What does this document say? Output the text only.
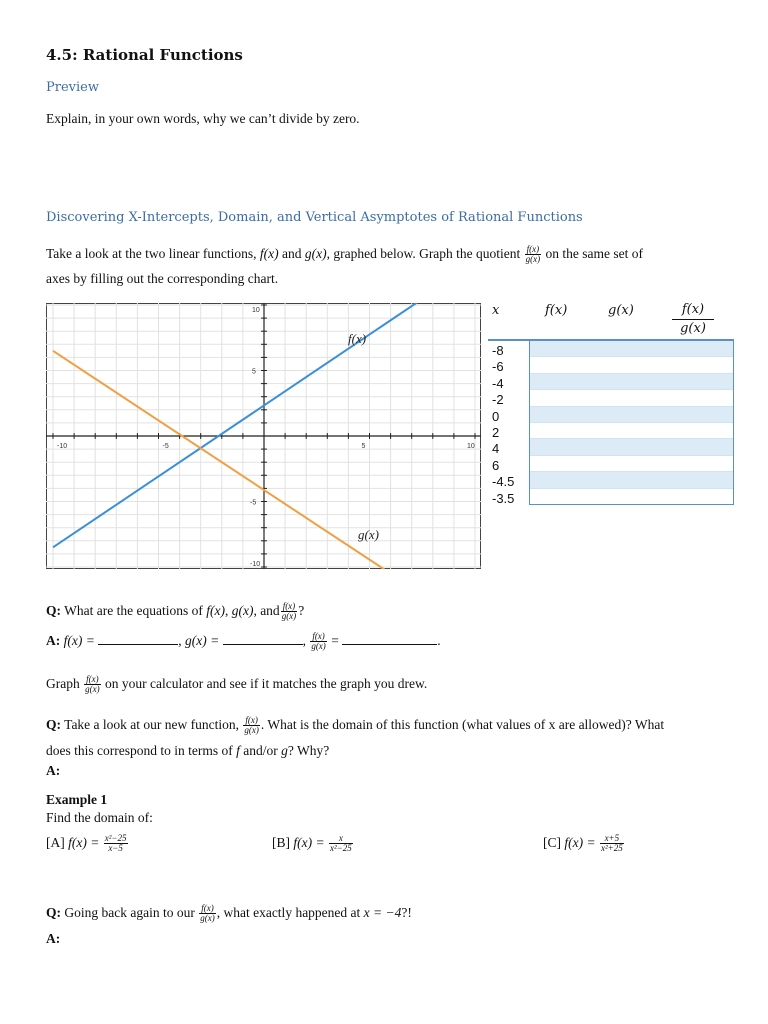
4.5: Rational Functions
Preview
Explain, in your own words, why we can’t divide by zero.
Discovering X-Intercepts, Domain, and Vertical Asymptotes of Rational Functions
Take a look at the two linear functions, f(x) and g(x), graphed below. Graph the quotient $\frac{f(x)}{g(x)}$ on the same set of
axes by filling out the corresponding chart.
-10	-5	5	10
10
5
-5
-10
f(x)
g(x)
x	f(x)	g(x)	f(x)
g(x)
-8
-6
-4
-2
0
2
4
6
-4.5
-3.5
Q: What are the equations of f(x), g(x), and $\frac{f(x)}{g(x)}$ ?
A: f(x) =	, g(x) =	, $\frac{f(x)}{g(x)}$ =	.
Graph $\frac{f(x)}{g(x)}$ on your calculator and see if it matches the graph you drew.
Q: Take a look at our new function, $\frac{f(x)}{g(x)}$ . What is the domain of this function (what values of x are allowed)? What
does this correspond to in terms of f and/or g? Why?
A:
Example 1
Find the domain of:
[A] $f(x) = \frac{\text{x²−25}}{x-5}$	[B] $f(x) = \frac{x}{\text{x²−25}}$	[C] $f(x) = \frac{x+5}{\text{x²+25}}$
Q: Going back again to our $\frac{f(x)}{g(x)}$ , what exactly happened at x = −4?!
A:
